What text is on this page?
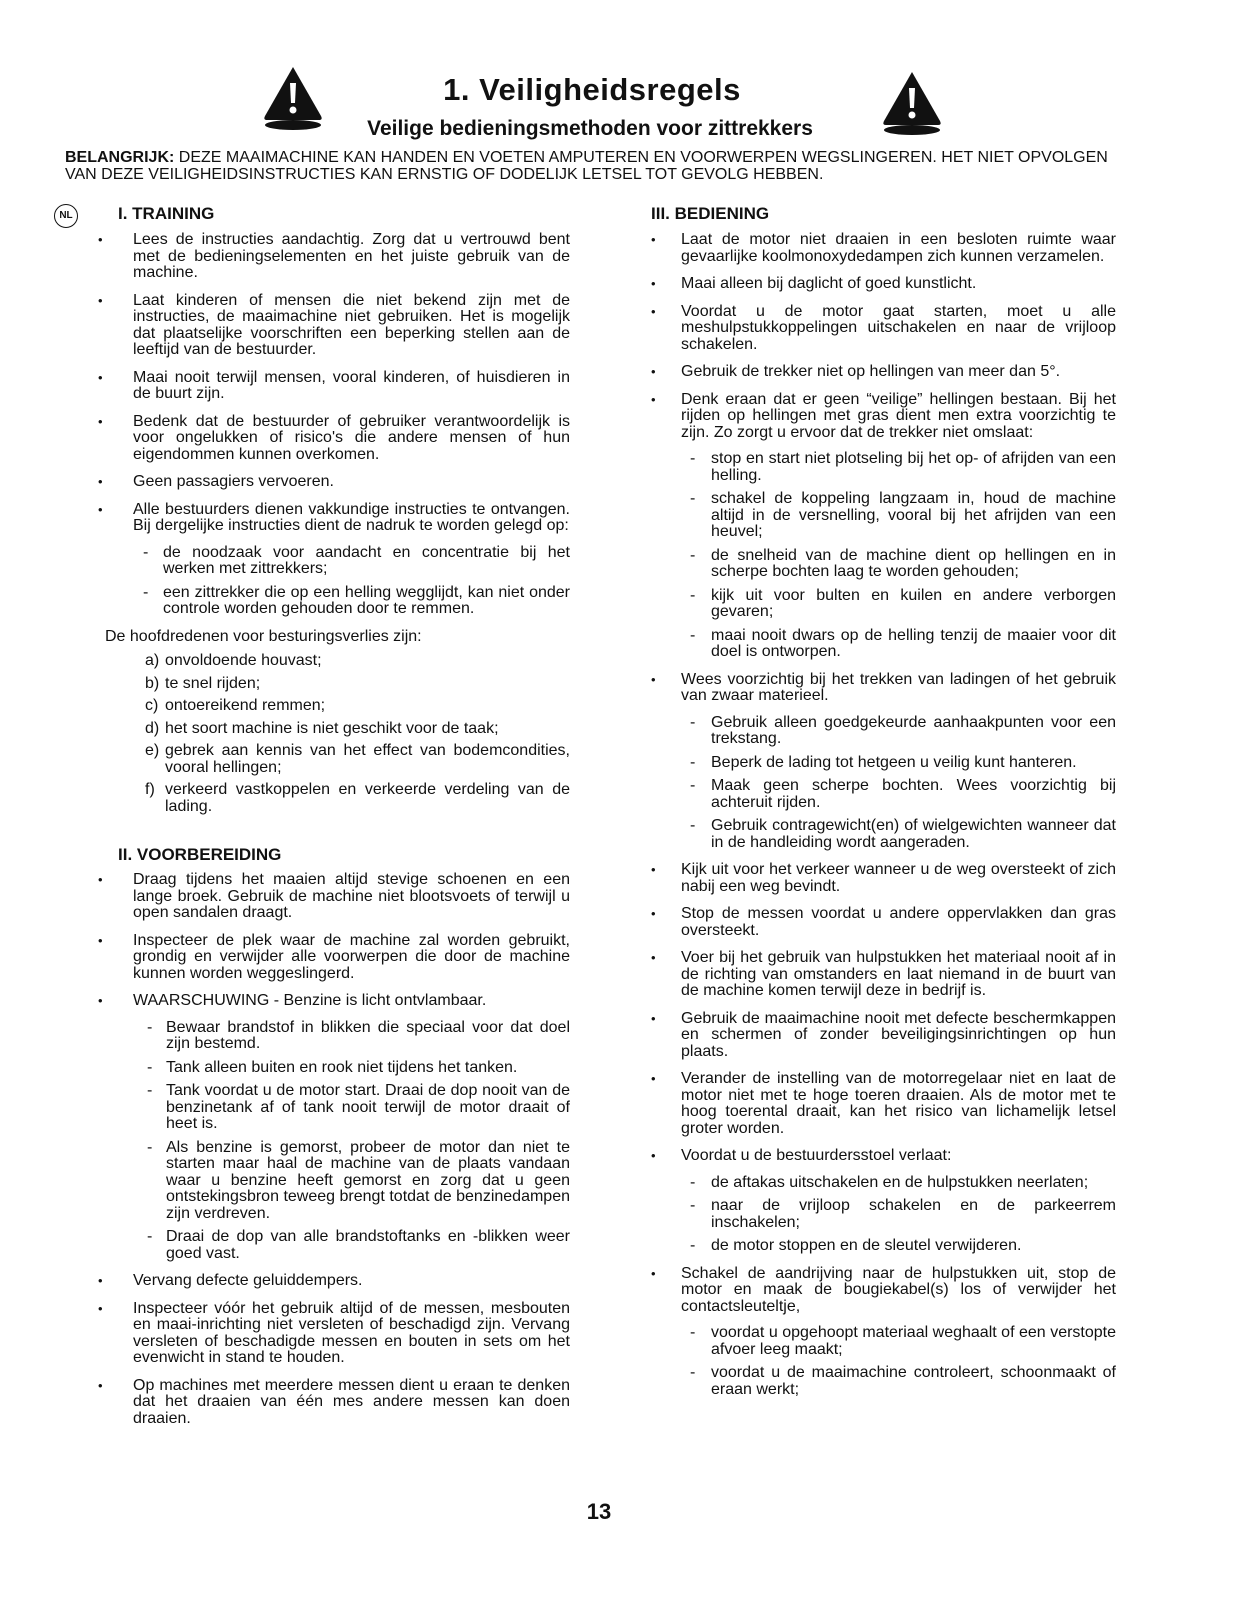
1. Veiligheidsregels
Veilige bedieningsmethoden voor zittrekkers

BELANGRIJK: DEZE MAAIMACHINE KAN HANDEN EN VOETEN AMPUTEREN EN VOORWERPEN WEGSLINGEREN. HET NIET OPVOLGEN VAN DEZE VEILIGHEIDSINSTRUCTIES KAN ERNSTIG OF DODELIJK LETSEL TOT GEVOLG HEBBEN.

NL	I. TRAINING
• Lees de instructies aandachtig. Zorg dat u vertrouwd bent met de bedieningselementen en het juiste gebruik van de machine.
• Laat kinderen of mensen die niet bekend zijn met de instructies, de maaimachine niet gebruiken. Het is mogelijk dat plaatselijke voorschriften een beperking stellen aan de leeftijd van de bestuurder.
• Maai nooit terwijl mensen, vooral kinderen, of huisdieren in de buurt zijn.
• Bedenk dat de bestuurder of gebruiker verantwoordelijk is voor ongelukken of risico's die andere mensen of hun eigendommen kunnen overkomen.
• Geen passagiers vervoeren.
• Alle bestuurders dienen vakkundige instructies te ontvangen. Bij dergelijke instructies dient de nadruk te worden gelegd op:
- de noodzaak voor aandacht en concentratie bij het werken met zittrekkers;
- een zittrekker die op een helling wegglijdt, kan niet onder controle worden gehouden door te remmen.

De hoofdredenen voor besturingsverlies zijn:

a) onvoldoende houvast;
b) te snel rijden;
c) ontoereikend remmen;
d) het soort machine is niet geschikt voor de taak;
e) gebrek aan kennis van het effect van bodemcondities, vooral hellingen;
f) verkeerd vastkoppelen en verkeerde verdeling van de lading.
II. VOORBEREIDING
• Draag tijdens het maaien altijd stevige schoenen en een lange broek. Gebruik de machine niet blootsvoets of terwijl u open sandalen draagt.
• Inspecteer de plek waar de machine zal worden gebruikt, grondig en verwijder alle voorwerpen die door de machine kunnen worden weggeslingerd.
• WAARSCHUWING - Benzine is licht ontvlambaar.
- Bewaar brandstof in blikken die speciaal voor dat doel zijn bestemd.
- Tank alleen buiten en rook niet tijdens het tanken.
- Tank voordat u de motor start. Draai de dop nooit van de benzinetank af of tank nooit terwijl de motor draait of heet is.
- Als benzine is gemorst, probeer de motor dan niet te starten maar haal de machine van de plaats vandaan waar u benzine heeft gemorst en zorg dat u geen ontstekingsbron teweeg brengt totdat de benzinedampen zijn verdreven.
- Draai de dop van alle brandstoftanks en -blikken weer goed vast.
• Vervang defecte geluiddempers.
• Inspecteer vóór het gebruik altijd of de messen, mesbouten en maai-inrichting niet versleten of beschadigd zijn. Vervang versleten of beschadigde messen en bouten in sets om het evenwicht in stand te houden.
• Op machines met meerdere messen dient u eraan te denken dat het draaien van één mes andere messen kan doen draaien.
III. BEDIENING
• Laat de motor niet draaien in een besloten ruimte waar gevaarlijke koolmonoxydedampen zich kunnen verzamelen.
• Maai alleen bij daglicht of goed kunstlicht.
• Voordat u de motor gaat starten, moet u alle meshulpstukkoppelingen uitschakelen en naar de vrijloop schakelen.
• Gebruik de trekker niet op hellingen van meer dan 5°.
• Denk eraan dat er geen “veilige” hellingen bestaan. Bij het rijden op hellingen met gras dient men extra voorzichtig te zijn. Zo zorgt u ervoor dat de trekker niet omslaat:
- stop en start niet plotseling bij het op- of afrijden van een helling.
- schakel de koppeling langzaam in, houd de machine altijd in de versnelling, vooral bij het afrijden van een heuvel;
- de snelheid van de machine dient op hellingen en in scherpe bochten laag te worden gehouden;
- kijk uit voor bulten en kuilen en andere verborgen gevaren;
- maai nooit dwars op de helling tenzij de maaier voor dit doel is ontworpen.
• Wees voorzichtig bij het trekken van ladingen of het gebruik van zwaar materieel.
- Gebruik alleen goedgekeurde aanhaakpunten voor een trekstang.
- Beperk de lading tot hetgeen u veilig kunt hanteren.
- Maak geen scherpe bochten. Wees voorzichtig bij achteruit rijden.
- Gebruik contragewicht(en) of wielgewichten wanneer dat in de handleiding wordt aangeraden.
• Kijk uit voor het verkeer wanneer u de weg oversteekt of zich nabij een weg bevindt.
• Stop de messen voordat u andere oppervlakken dan gras oversteekt.
• Voer bij het gebruik van hulpstukken het materiaal nooit af in de richting van omstanders en laat niemand in de buurt van de machine komen terwijl deze in bedrijf is.
• Gebruik de maaimachine nooit met defecte beschermkappen en schermen of zonder beveiligingsinrichtingen op hun plaats.
• Verander de instelling van de motorregelaar niet en laat de motor niet met te hoge toeren draaien. Als de motor met te hoog toerental draait, kan het risico van lichamelijk letsel groter worden.
• Voordat u de bestuurdersstoel verlaat:
- de aftakas uitschakelen en de hulpstukken neerlaten;
- naar de vrijloop schakelen en de parkeerrem inschakelen;
- de motor stoppen en de sleutel verwijderen.
• Schakel de aandrijving naar de hulpstukken uit, stop de motor en maak de bougiekabel(s) los of verwijder het contactsleuteltje,
- voordat u opgehoopt materiaal weghaalt of een verstopte afvoer leeg maakt;
- voordat u de maaimachine controleert, schoonmaakt of eraan werkt;
13
